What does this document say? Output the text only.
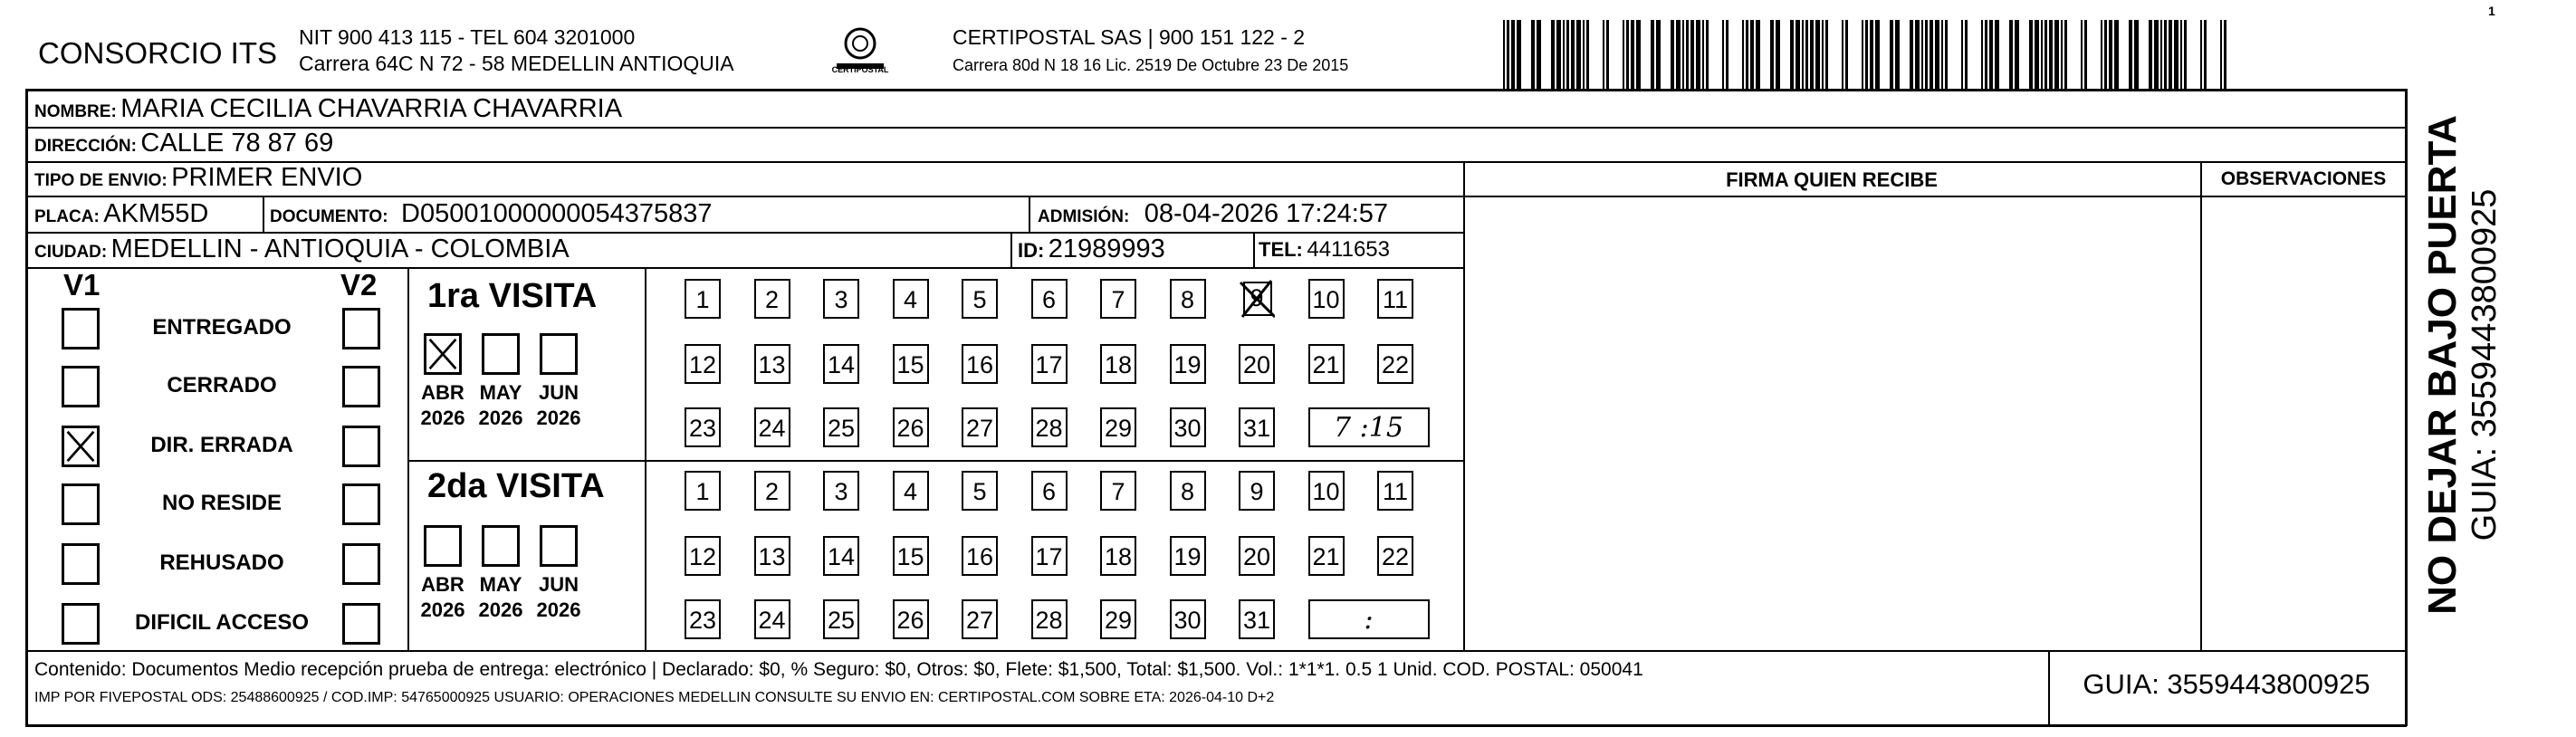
CONSORCIO ITS NIT 900 413 115 - TEL 604 3201000
Carrera 64C N 72 - 58 MEDELLIN ANTIOQUIA	CERTIPOSTAL
CERTIPOSTAL SAS | 900 151 122 - 2
Carrera 80d N 18 16 Lic. 2519 De Octubre 23 De 2015
1
NOMBRE: MARIA CECILIA CHAVARRIA CHAVARRIA
DIRECCIÓN: CALLE 78 87 69
TIPO DE ENVIO: PRIMER ENVIO
PLACA: AKM55D	DOCUMENTO: D05001000000054375837	ADMISIÓN: 08-04-2026 17:24:57
CIUDAD: MEDELLIN - ANTIOQUIA - COLOMBIA	ID: 21989993	TEL: 4411653
FIRMA QUIEN RECIBE	OBSERVACIONES
V1	V2
ENTREGADO
CERRADO
DIR. ERRADA
NO RESIDE
REHUSADO
DIFICIL ACCESO
1ra VISITA
2da VISITA
ABR
2026
MAY
2026
JUN
2026
1	2	3	4	5	6	7	8	9	10 11
12 13 14 15 16 17 18 19 20 21 22
23 24 25 26 27 28 29 30 31	7 :15
ABR
2026
MAY
2026
JUN
2026
1	2	3	4	5	6	7	8	9	10 11
12 13 14 15 16 17 18 19 20 21 22
23 24 25 26 27 28 29 30 31	:
Contenido: Documentos Medio recepción prueba de entrega: electrónico | Declarado: $0, % Seguro: $0, Otros: $0, Flete: $1,500, Total: $1,500. Vol.: 1*1*1. 0.5 1 Unid. COD. POSTAL: 050041
IMP POR FIVEPOSTAL ODS: 25488600925 / COD.IMP: 54765000925 USUARIO: OPERACIONES MEDELLIN CONSULTE SU ENVIO EN: CERTIPOSTAL.COM SOBRE ETA: 2026-04-10 D+2	GUIA: 3559443800925
NO DEJAR BAJO PUERTA GUIA: 3559443800925
